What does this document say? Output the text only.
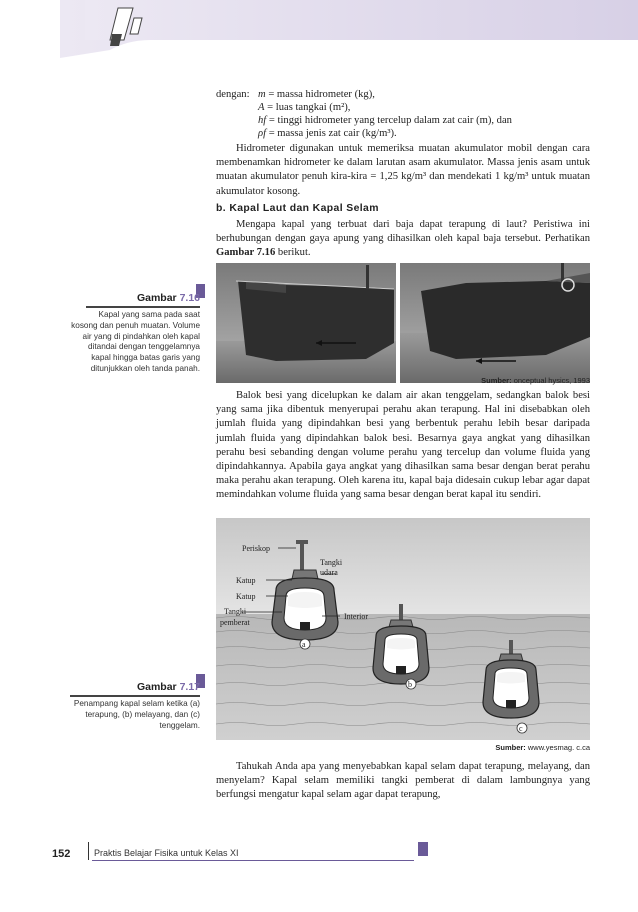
dengan: m = massa hidrometer (kg),
A = luas tangkai (m²),
hf = tinggi hidrometer yang tercelup dalam zat cair (m), dan
ρf = massa jenis zat cair (kg/m³).
Hidrometer digunakan untuk memeriksa muatan akumulator mobil dengan cara membenamkan hidrometer ke dalam larutan asam akumulator. Massa jenis asam untuk muatan akumulator penuh kira-kira = 1,25 kg/m³ dan mendekati 1 kg/m³ untuk muatan akumulator kosong.
b. Kapal Laut dan Kapal Selam
Mengapa kapal yang terbuat dari baja dapat terapung di laut? Peristiwa ini berhubungan dengan gaya apung yang dihasilkan oleh kapal baja tersebut. Perhatikan Gambar 7.16 berikut.
Gambar 7.16
Kapal yang sama pada saat kosong dan penuh muatan. Volume air yang di pindahkan oleh kapal ditandai dengan tenggelamnya kapal hingga batas garis yang ditunjukkan oleh tanda panah.
Sumber: onceptual hysics, 1993
Balok besi yang dicelupkan ke dalam air akan tenggelam, sedangkan balok besi yang sama jika dibentuk menyerupai perahu akan terapung. Hal ini disebabkan oleh jumlah fluida yang dipindahkan besi yang berbentuk perahu lebih besar daripada jumlah fluida yang dipindahkan balok besi. Besarnya gaya angkat yang dihasilkan perahu besi sebanding dengan volume perahu yang tercelup dan volume fluida yang dipindahkannya. Apabila gaya angkat yang dihasilkan sama besar dengan berat perahu maka perahu akan terapung. Oleh karena itu, kapal baja didesain cukup lebar agar dapat memindahkan volume fluida yang sama besar dengan berat kapal itu sendiri.
Periskop
Tangki
udara
Katup
Katup
Tangki
pemberat
Interior
a
b
c
Gambar 7.17
Penampang kapal selam ketika (a) terapung, (b) melayang, dan (c) tenggelam.
Sumber: www.yesmag. c.ca
Tahukah Anda apa yang menyebabkan kapal selam dapat terapung, melayang, dan menyelam? Kapal selam memiliki tangki pemberat di dalam lambungnya yang berfungsi mengatur kapal selam agar dapat terapung,
152	Praktis Belajar Fisika untuk Kelas XI
